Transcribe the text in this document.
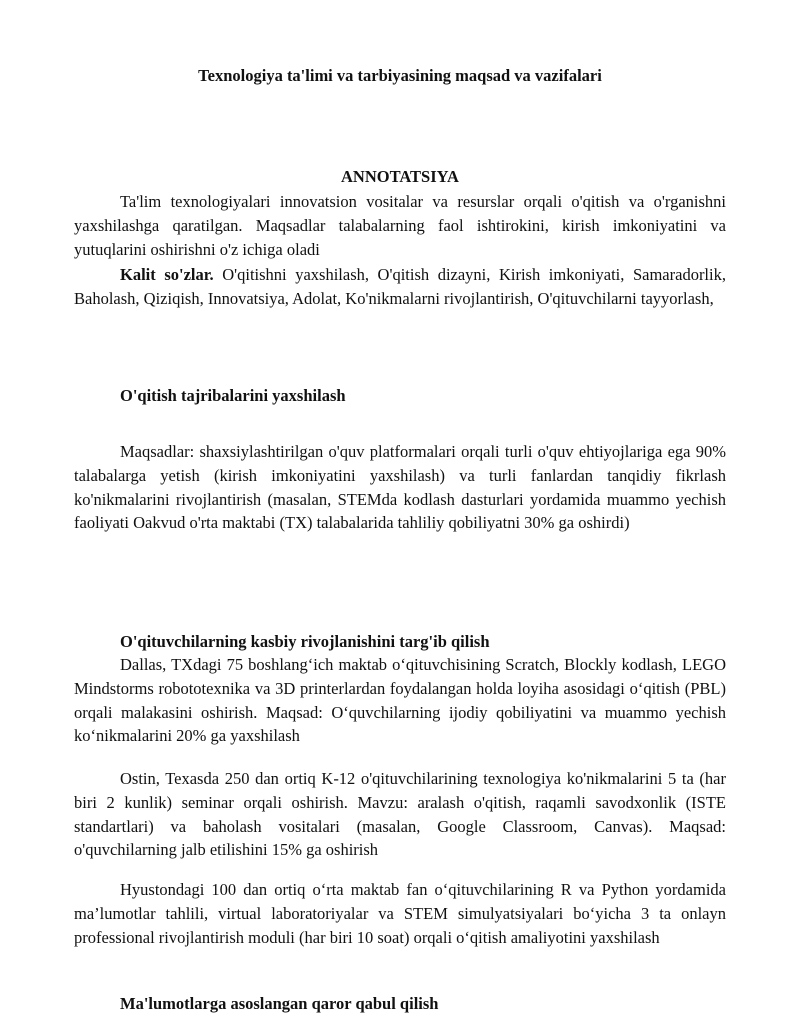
Texnologiya ta'limi va tarbiyasining maqsad va vazifalari
ANNOTATSIYA

Ta'lim texnologiyalari innovatsion vositalar va resurslar orqali o'qitish va o'rganishni yaxshilashga qaratilgan. Maqsadlar talabalarning faol ishtirokini, kirish imkoniyatini va yutuqlarini oshirishni o'z ichiga oladi

Kalit so'zlar. O'qitishni yaxshilash, O'qitish dizayni, Kirish imkoniyati, Samaradorlik, Baholash, Qiziqish, Innovatsiya, Adolat, Ko'nikmalarni rivojlantirish, O'qituvchilarni tayyorlash,

O'qitish tajribalarini yaxshilash

Maqsadlar: shaxsiylashtirilgan o'quv platformalari orqali turli o'quv ehtiyojlariga ega 90% talabalarga yetish (kirish imkoniyatini yaxshilash) va turli fanlardan tanqidiy fikrlash ko'nikmalarini rivojlantirish (masalan, STEMda kodlash dasturlari yordamida muammo yechish faoliyati Oakvud o'rta maktabi (TX) talabalarida tahliliy qobiliyatni 30% ga oshirdi)

O'qituvchilarning kasbiy rivojlanishini targ'ib qilish

Dallas, TXdagi 75 boshlang‘ich maktab o‘qituvchisining Scratch, Blockly kodlash, LEGO Mindstorms robototexnika va 3D printerlardan foydalangan holda loyiha asosidagi o‘qitish (PBL) orqali malakasini oshirish. Maqsad: O‘quvchilarning ijodiy qobiliyatini va muammo yechish ko‘nikmalarini 20% ga yaxshilash

Ostin, Texasda 250 dan ortiq K-12 o'qituvchilarining texnologiya ko'nikmalarini 5 ta (har biri 2 kunlik) seminar orqali oshirish. Mavzu: aralash o'qitish, raqamli savodxonlik (ISTE standartlari) va baholash vositalari (masalan, Google Classroom, Canvas). Maqsad: o'quvchilarning jalb etilishini 15% ga oshirish

Hyustondagi 100 dan ortiq o‘rta maktab fan o‘qituvchilarining R va Python yordamida ma’lumotlar tahlili, virtual laboratoriyalar va STEM simulyatsiyalari bo‘yicha 3 ta onlayn professional rivojlantirish moduli (har biri 10 soat) orqali o‘qitish amaliyotini yaxshilash

Ma'lumotlarga asoslangan qaror qabul qilish
